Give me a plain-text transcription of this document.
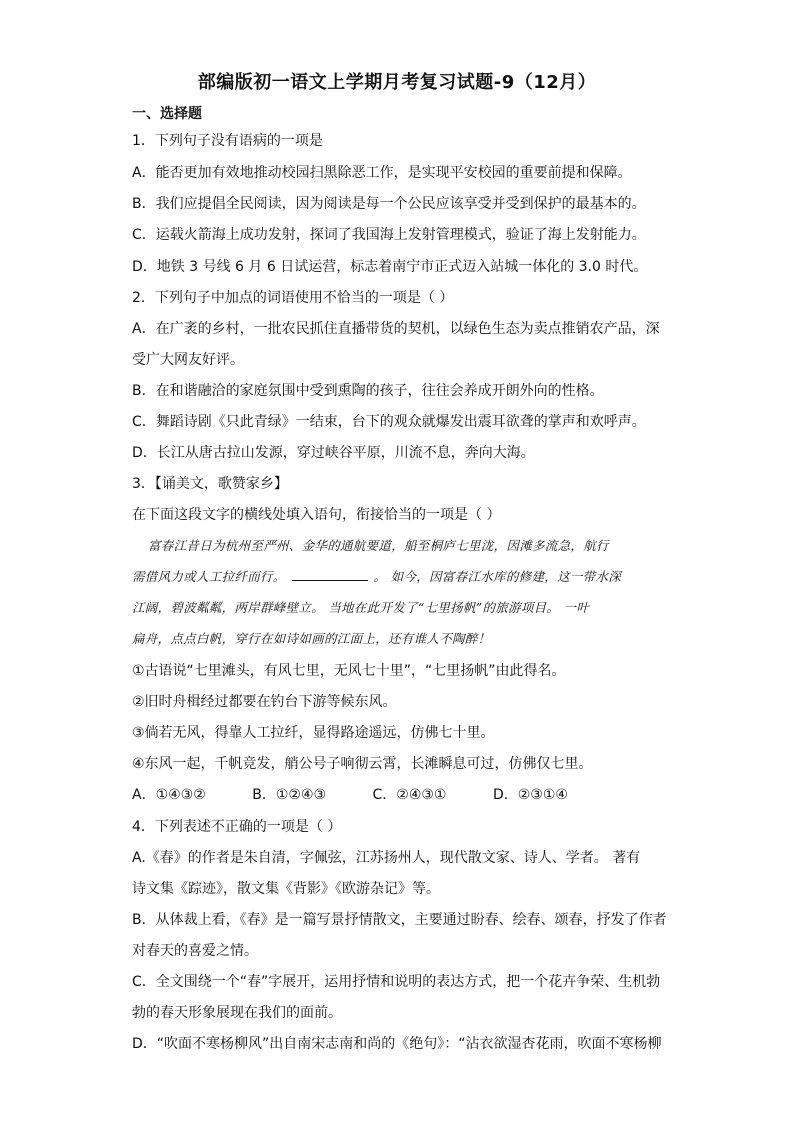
部编版初一语文上学期月考复习试题-9（12月）
一、选择题
1．下列句子没有语病的一项是
A．能否更加有效地推动校园扫黑除恶工作，是实现平安校园的重要前提和保障。
B．我们应提倡全民阅读，因为阅读是每一个公民应该享受并受到保护的最基本的。
C．运载火箭海上成功发射，探词了我国海上发射管理模式，验证了海上发射能力。
D．地铁 3 号线 6 月 6 日试运营，标志着南宁市正式迈入站城一体化的 3.0 时代。
2．下列句子中加点的词语使用不恰当的一项是（ ）
A．在广袤的乡村，一批农民抓住直播带货的契机，以绿色生态为卖点推销农产品，深
受广大网友好评。
B．在和谐融洽的家庭氛围中受到熏陶的孩子，往往会养成开朗外向的性格。
C．舞蹈诗剧《只此青绿》一结束，台下的观众就爆发出震耳欲聋的掌声和欢呼声。
D．长江从唐古拉山发源，穿过峡谷平原，川流不息，奔向大海。
3．【诵美文，歌赞家乡】
在下面这段文字的横线处填入语句，衔接恰当的一项是（ ）
富春江昔日为杭州至严州、金华的通航要道，船至桐庐七里泷，因滩多流急，航行
需借风力或人工拉纤而行。	。 如今，因富春江水库的修建，这一带水深
江阔，碧波粼粼，两岸群峰壁立。 当地在此开发了“七里扬帆”的旅游项目。 一叶
扁舟，点点白帆，穿行在如诗如画的江面上，还有谁人不陶醉！
①古语说“七里滩头，有风七里，无风七十里”，“七里扬帆”由此得名。
②旧时舟楫经过都要在钓台下游等候东风。
③倘若无风，得靠人工拉纤，显得路途遥远，仿佛七十里。
④东风一起，千帆竞发，艄公号子响彻云霄，长滩瞬息可过，仿佛仅七里。
A．①④③②	B．①②④③	C．②④③①	D．②③①④
4．下列表述不正确的一项是（ ）
A.《春》的作者是朱自清，字佩弦，江苏扬州人，现代散文家、诗人、学者。 著有
诗文集《踪迹》，散文集《背影》《欧游杂记》等。
B．从体裁上看，《春》是一篇写景抒情散文，主要通过盼春、绘春、颂春，抒发了作者
对春天的喜爱之情。
C．全文围绕一个“春”字展开，运用抒情和说明的表达方式，把一个花卉争荣、生机勃
勃的春天形象展现在我们的面前。
D．“吹面不寒杨柳风”出自南宋志南和尚的《绝句》：“沾衣欲湿杏花雨，吹面不寒杨柳
